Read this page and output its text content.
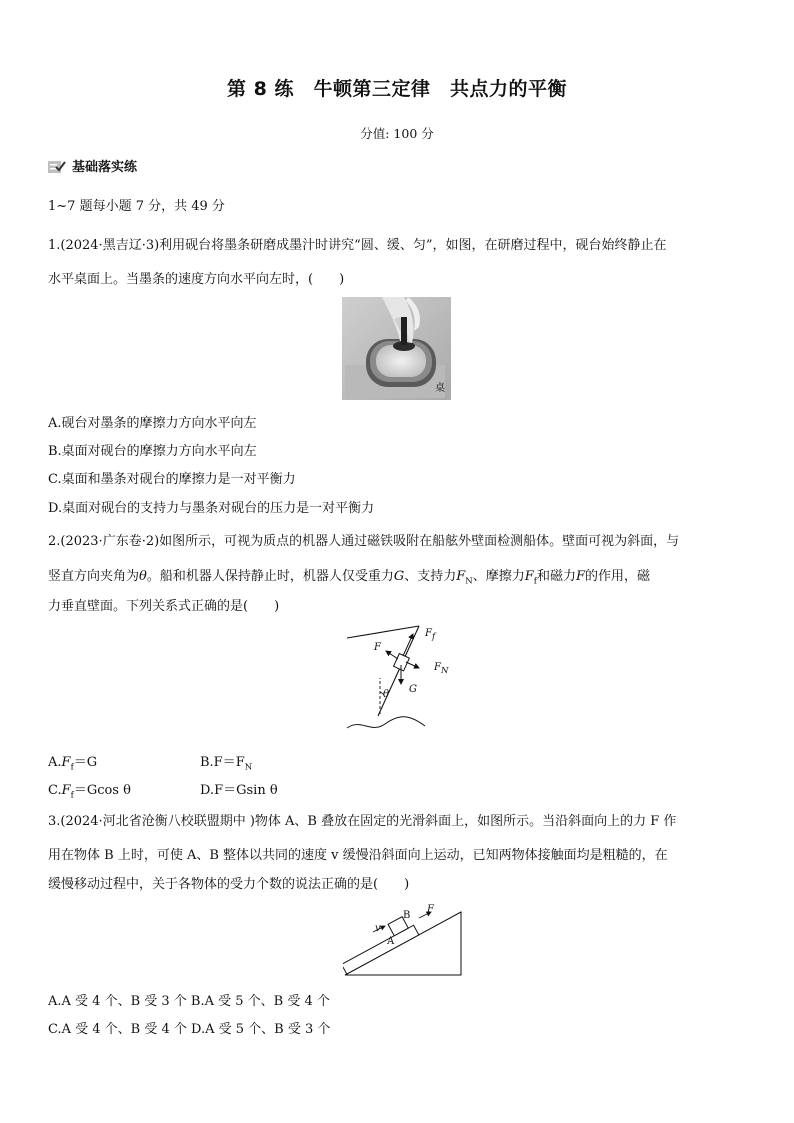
第 8 练　牛顿第三定律　共点力的平衡
分值: 100 分
基础落实练
1~7 题每小题 7 分，共 49 分
1.(2024·黑吉辽·3)利用砚台将墨条研磨成墨汁时讲究“圆、缓、匀”，如图，在研磨过程中，砚台始终静止在
水平桌面上。当墨条的速度方向水平向左时，(　　)
桌
A.砚台对墨条的摩擦力方向水平向左
B.桌面对砚台的摩擦力方向水平向左
C.桌面和墨条对砚台的摩擦力是一对平衡力
D.桌面对砚台的支持力与墨条对砚台的压力是一对平衡力
2.(2023·广东卷·2)如图所示，可视为质点的机器人通过磁铁吸附在船舷外壁面检测船体。壁面可视为斜面，与
竖直方向夹角为θ。船和机器人保持静止时，机器人仅受重力G、支持力$F_N$、摩擦力$F_f$和磁力F的作用，磁
力垂直壁面。下列关系式正确的是(　　)
$F_f$
F
$F_N$
G
θ
$A.F_f=G$	$B.F=F_N$
$C.F_f=Gcos$ θ	D.F＝Gsin θ
3.(2024·河北省沧衡八校联盟期中 )物体 A、B 叠放在固定的光滑斜面上，如图所示。当沿斜面向上的力 F 作
用在物体 B 上时，可使 A、B 整体以共同的速度 v 缓慢沿斜面向上运动，已知两物体接触面均是粗糙的，在
缓慢移动过程中，关于各物体的受力个数的说法正确的是(　　)
A
B
F
v
A.A 受 4 个、B 受 3 个 B.A 受 5 个、B 受 4 个
C.A 受 4 个、B 受 4 个 D.A 受 5 个、B 受 3 个
